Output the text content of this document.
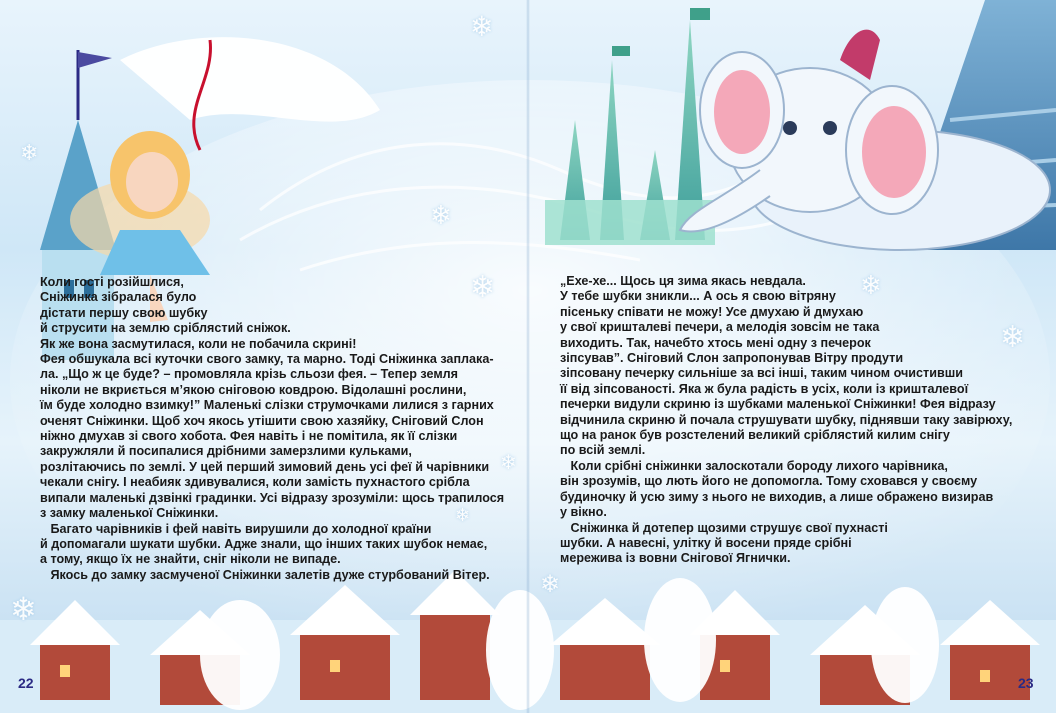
❄
❄
❄
❄
❄
❄
❄
❄
❄
❄

Коли гості розійшлися,
Сніжинка зібралася було
дістати першу свою шубку
й струсити на землю сріблястий сніжок.
Як же вона засмутилася, коли не побачила скрині!
Фея обшукала всі куточки свого замку, та марно. Тоді Сніжинка заплака-
ла. „Що ж це буде? – промовляла крізь сльози фея. – Тепер земля
ніколи не вкриється м’якою сніговою ковдрою. Відолашні рослини,
їм буде холодно взимку!” Маленькі слізки струмочками лилися з гарних
оченят Сніжинки. Щоб хоч якось утішити свою хазяйку, Сніговий Слон
ніжно дмухав зі свого хобота. Фея навіть і не помітила, як її слізки
закружляли й посипалися дрібними замерзлими кульками,
розлітаючись по землі. У цей перший зимовий день усі феї й чарівники
чекали снігу. І неабияк здивувалися, коли замість пухнастого срібла
випали маленькі дзвінкі градинки. Усі відразу зрозуміли: щось трапилося
з замку маленької Сніжинки.
Багато чарівників і фей навіть вирушили до холодної країни
й допомагали шукати шубки. Адже знали, що інших таких шубок немає,
а тому, якщо їх не знайти, сніг ніколи не випаде.
Якось до замку засмученої Сніжинки залетів дуже стурбований Вітер.

22

„Ехе-хе... Щось ця зима якась невдала.
У тебе шубки зникли... А ось я свою вітряну
пісеньку співати не можу! Усе дмухаю й дмухаю
у свої кришталеві печери, а мелодія зовсім не така
виходить. Так, начебто хтось мені одну з печерок
зіпсував”. Сніговий Слон запропонував Вітру продути
зіпсовану печерку сильніше за всі інші, таким чином очистивши
її від зіпсованості. Яка ж була радість в усіх, коли із кришталевої
печерки видули скриню із шубками маленької Сніжинки! Фея відразу
відчинила скриню й почала струшувати шубку, піднявши таку завірюху,
що на ранок був розстелений великий сріблястий килим снігу
по всій землі.
Коли срібні сніжинки залоскотали бороду лихого чарівника,
він зрозумів, що лють його не допомогла. Тому сховався у своєму
будиночку й усю зиму з нього не виходив, а лише ображено визирав
у вікно.
Сніжинка й дотепер щозими струшує свої пухнасті
шубки. А навесні, улітку й восени пряде срібні
мережива із вовни Снігової Ягнички.

23
